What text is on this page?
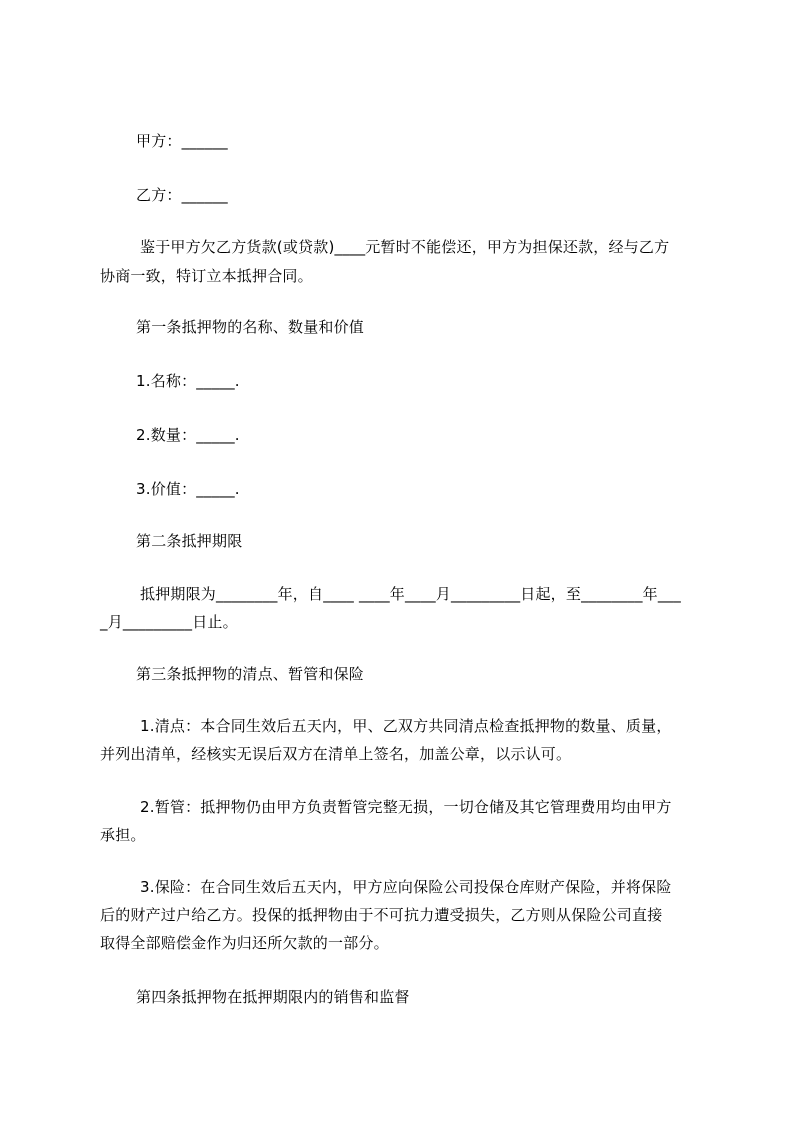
甲方：______

乙方：______

鉴于甲方欠乙方货款(或贷款)____元暂时不能偿还，甲方为担保还款，经与乙方

协商一致，特订立本抵押合同。

第一条抵押物的名称、数量和价值

1.名称：_____.

2.数量：_____.

3.价值：_____.

第二条抵押期限

抵押期限为________年，自____ ____年____月_________日起，至________年___

_月_________日止。

第三条抵押物的清点、暂管和保险

1.清点：本合同生效后五天内，甲、乙双方共同清点检查抵押物的数量、质量，

并列出清单，经核实无误后双方在清单上签名，加盖公章，以示认可。

2.暂管：抵押物仍由甲方负责暂管完整无损，一切仓储及其它管理费用均由甲方

承担。

3.保险：在合同生效后五天内，甲方应向保险公司投保仓库财产保险，并将保险

后的财产过户给乙方。投保的抵押物由于不可抗力遭受损失，乙方则从保险公司直接

取得全部赔偿金作为归还所欠款的一部分。

第四条抵押物在抵押期限内的销售和监督
